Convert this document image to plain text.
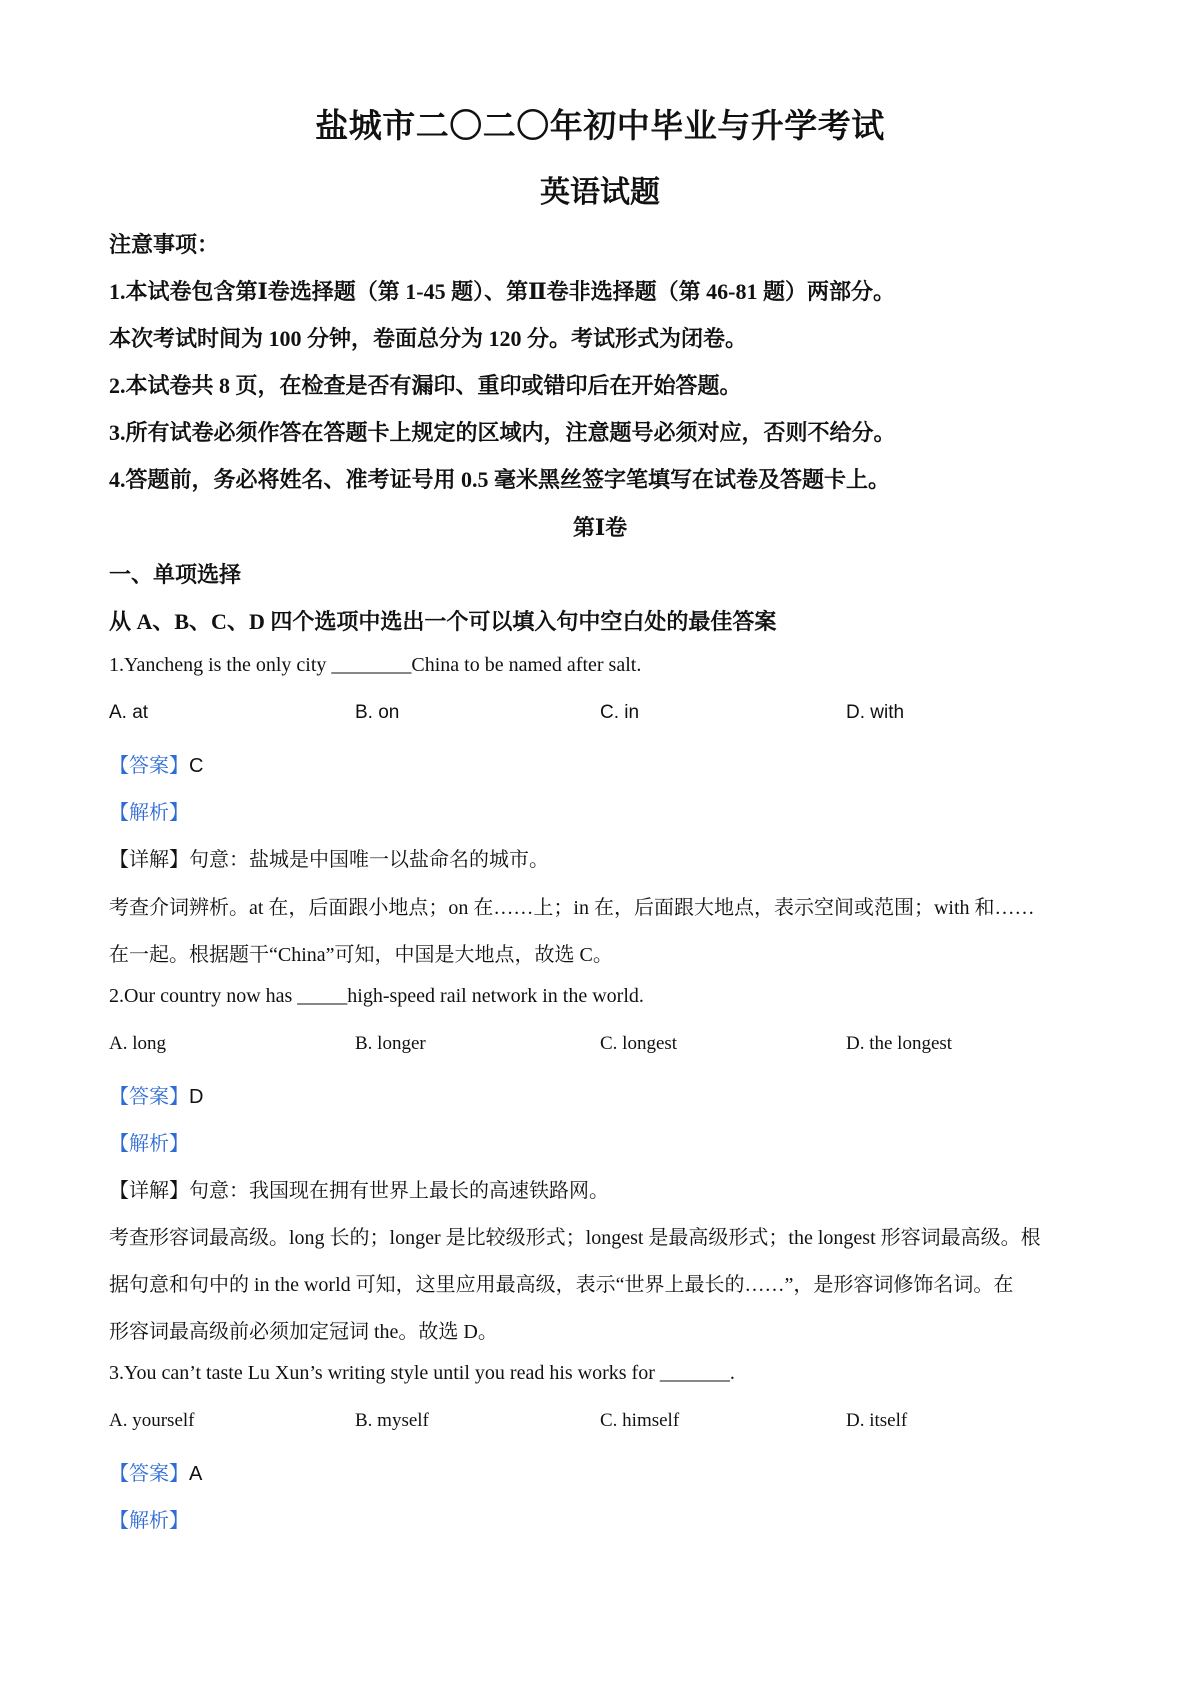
盐城市二〇二〇年初中毕业与升学考试
英语试题
注意事项：
1.本试卷包含第Ⅰ卷选择题（第 1-45 题）、第Ⅱ卷非选择题（第 46-81 题）两部分。
本次考试时间为 100 分钟，卷面总分为 120 分。考试形式为闭卷。
2.本试卷共 8 页，在检查是否有漏印、重印或错印后在开始答题。
3.所有试卷必须作答在答题卡上规定的区域内，注意题号必须对应，否则不给分。
4.答题前，务必将姓名、准考证号用 0.5 毫米黑丝签字笔填写在试卷及答题卡上。
第Ⅰ卷
一、单项选择
从 A、B、C、D 四个选项中选出一个可以填入句中空白处的最佳答案
1.Yancheng is the only city ________China to be named after salt.
A. at	B. on	C. in	D. with
【答案】C
【解析】
【详解】句意：盐城是中国唯一以盐命名的城市。
考查介词辨析。at 在，后面跟小地点；on 在……上；in 在，后面跟大地点，表示空间或范围；with 和……
在一起。根据题干“China”可知，中国是大地点，故选 C。
2.Our country now has _____high-speed rail network in the world.
A. long	B. longer	C. longest	D. the longest
【答案】D
【解析】
【详解】句意：我国现在拥有世界上最长的高速铁路网。
考查形容词最高级。long 长的；longer 是比较级形式；longest 是最高级形式；the longest 形容词最高级。根
据句意和句中的 in the world 可知，这里应用最高级，表示“世界上最长的……”，是形容词修饰名词。在
形容词最高级前必须加定冠词 the。故选 D。
3.You can’t taste Lu Xun’s writing style until you read his works for _______.
A. yourself	B. myself	C. himself	D. itself
【答案】A
【解析】
